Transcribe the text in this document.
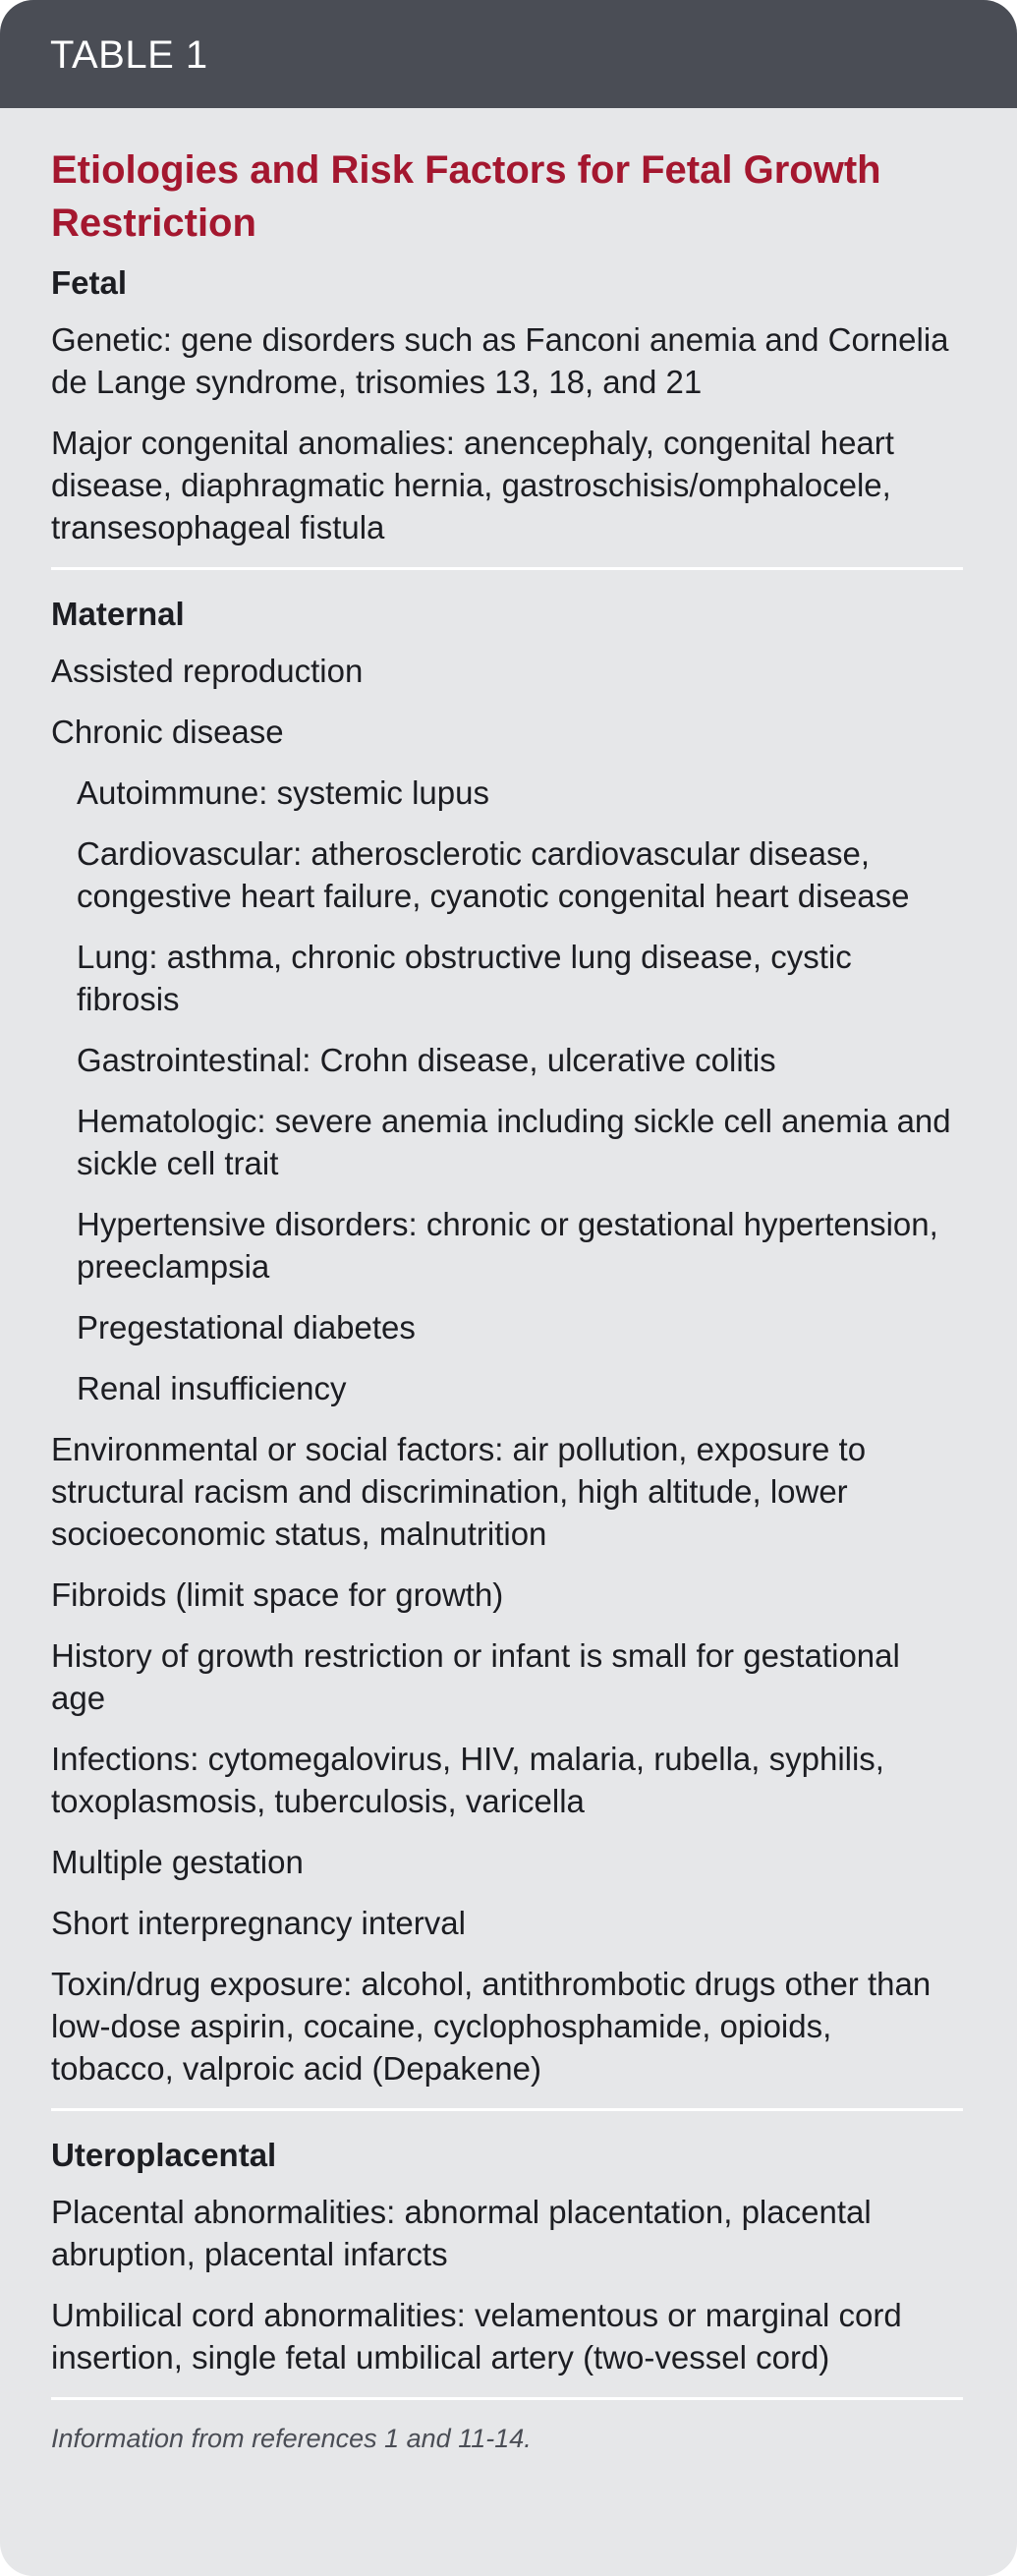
TABLE 1
Etiologies and Risk Factors for Fetal Growth Restriction
Fetal
Genetic: gene disorders such as Fanconi anemia and Cornelia de Lange syndrome, trisomies 13, 18, and 21
Major congenital anomalies: anencephaly, congenital heart disease, diaphragmatic hernia, gastroschisis/omphalocele, transesophageal fistula
Maternal
Assisted reproduction
Chronic disease
Autoimmune: systemic lupus
Cardiovascular: atherosclerotic cardiovascular disease, congestive heart failure, cyanotic congenital heart disease
Lung: asthma, chronic obstructive lung disease, cystic fibrosis
Gastrointestinal: Crohn disease, ulcerative colitis
Hematologic: severe anemia including sickle cell anemia and sickle cell trait
Hypertensive disorders: chronic or gestational hypertension, preeclampsia
Pregestational diabetes
Renal insufficiency
Environmental or social factors: air pollution, exposure to structural racism and discrimination, high altitude, lower socioeconomic status, malnutrition
Fibroids (limit space for growth)
History of growth restriction or infant is small for gestational age
Infections: cytomegalovirus, HIV, malaria, rubella, syphilis, toxoplasmosis, tuberculosis, varicella
Multiple gestation
Short interpregnancy interval
Toxin/drug exposure: alcohol, antithrombotic drugs other than low-dose aspirin, cocaine, cyclophosphamide, opioids, tobacco, valproic acid (Depakene)
Uteroplacental
Placental abnormalities: abnormal placentation, placental abruption, placental infarcts
Umbilical cord abnormalities: velamentous or marginal cord insertion, single fetal umbilical artery (two-vessel cord)
Information from references 1 and 11-14.
